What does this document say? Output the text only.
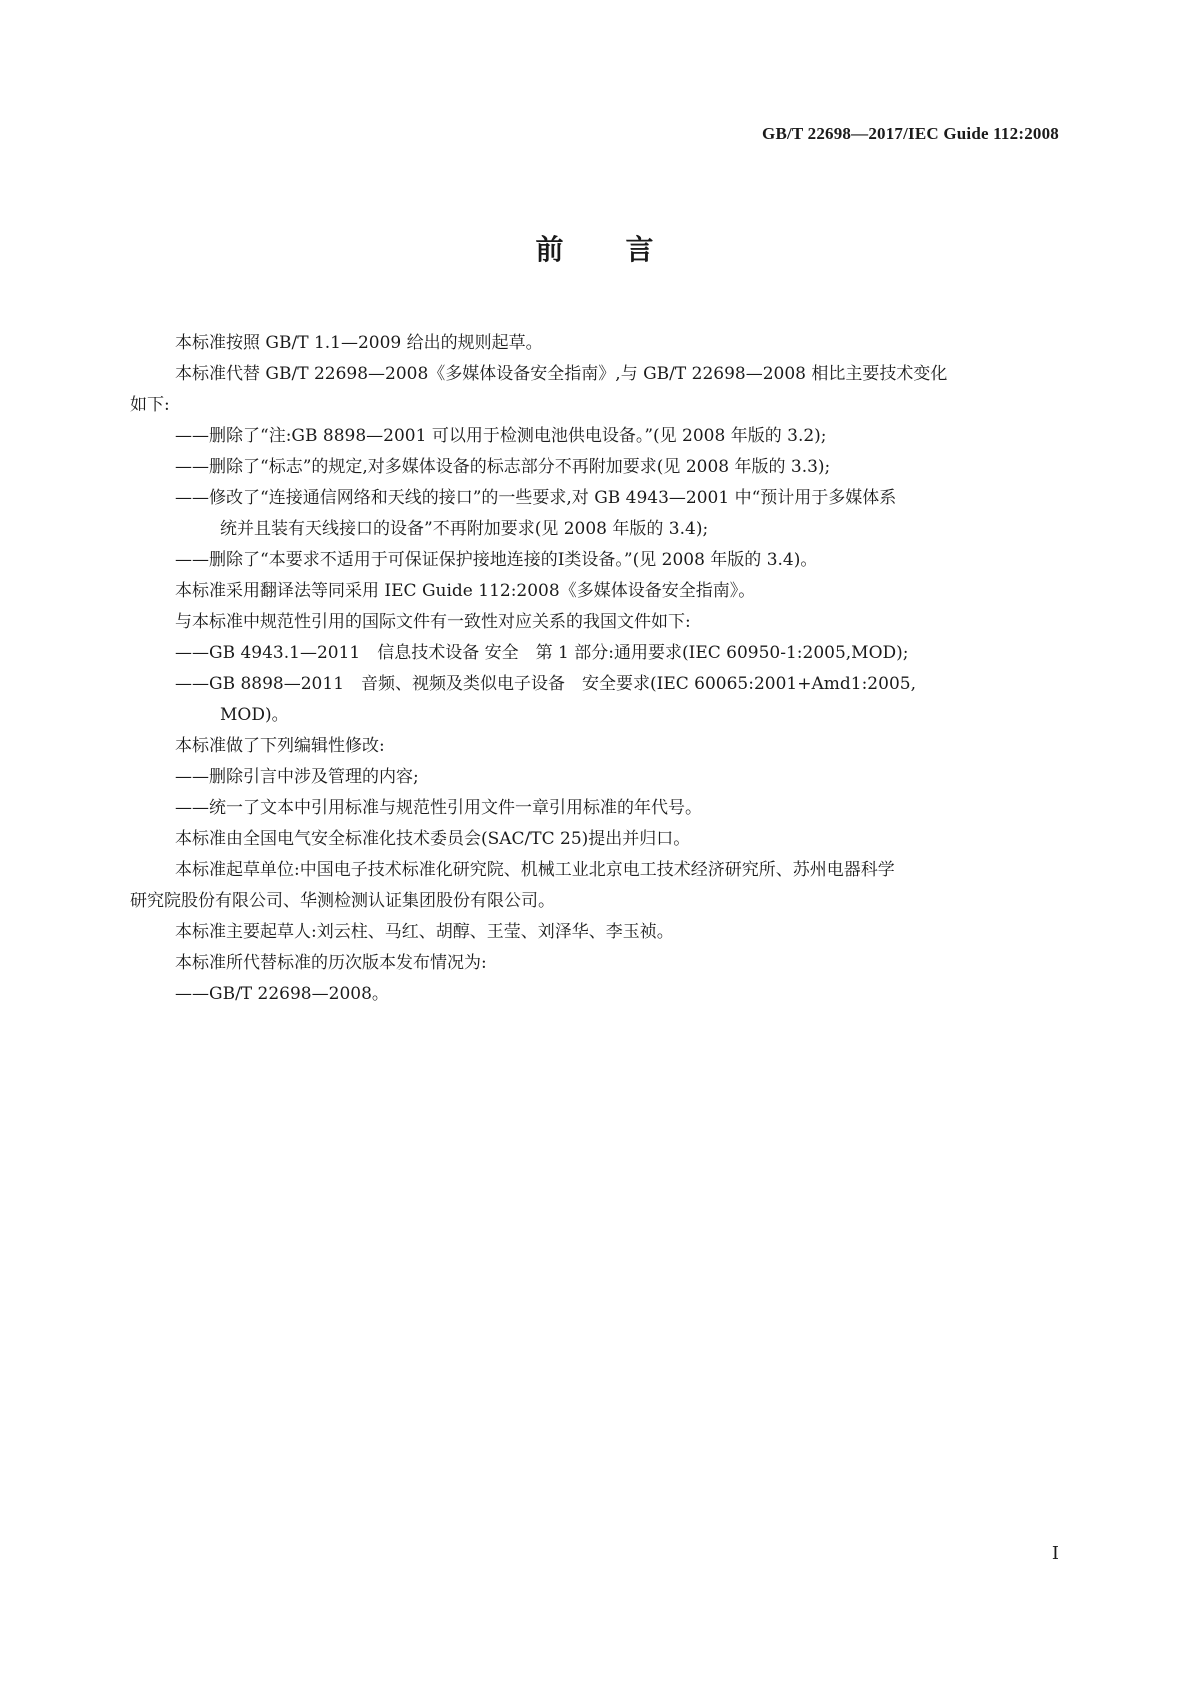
GB/T 22698—2017/IEC Guide 112:2008
前 言

本标准按照 GB/T 1.1—2009 给出的规则起草。

本标准代替 GB/T 22698—2008《多媒体设备安全指南》,与 GB/T 22698—2008 相比主要技术变化

如下:

——删除了“注:GB 8898—2001 可以用于检测电池供电设备。”(见 2008 年版的 3.2);

——删除了“标志”的规定,对多媒体设备的标志部分不再附加要求(见 2008 年版的 3.3);

——修改了“连接通信网络和天线的接口”的一些要求,对 GB 4943—2001 中“预计用于多媒体系

统并且装有天线接口的设备”不再附加要求(见 2008 年版的 3.4);

——删除了“本要求不适用于可保证保护接地连接的Ⅰ类设备。”(见 2008 年版的 3.4)。

本标准采用翻译法等同采用 IEC Guide 112:2008《多媒体设备安全指南》。

与本标准中规范性引用的国际文件有一致性对应关系的我国文件如下:

——GB 4943.1—2011　信息技术设备 安全　第 1 部分:通用要求(IEC 60950-1:2005,MOD);

——GB 8898—2011　音频、视频及类似电子设备　安全要求(IEC 60065:2001+Amd1:2005,

MOD)。

本标准做了下列编辑性修改:

——删除引言中涉及管理的内容;

——统一了文本中引用标准与规范性引用文件一章引用标准的年代号。

本标准由全国电气安全标准化技术委员会(SAC/TC 25)提出并归口。

本标准起草单位:中国电子技术标准化研究院、机械工业北京电工技术经济研究所、苏州电器科学

研究院股份有限公司、华测检测认证集团股份有限公司。

本标准主要起草人:刘云柱、马红、胡醇、王莹、刘泽华、李玉祯。

本标准所代替标准的历次版本发布情况为:

——GB/T 22698—2008。

Ⅰ
